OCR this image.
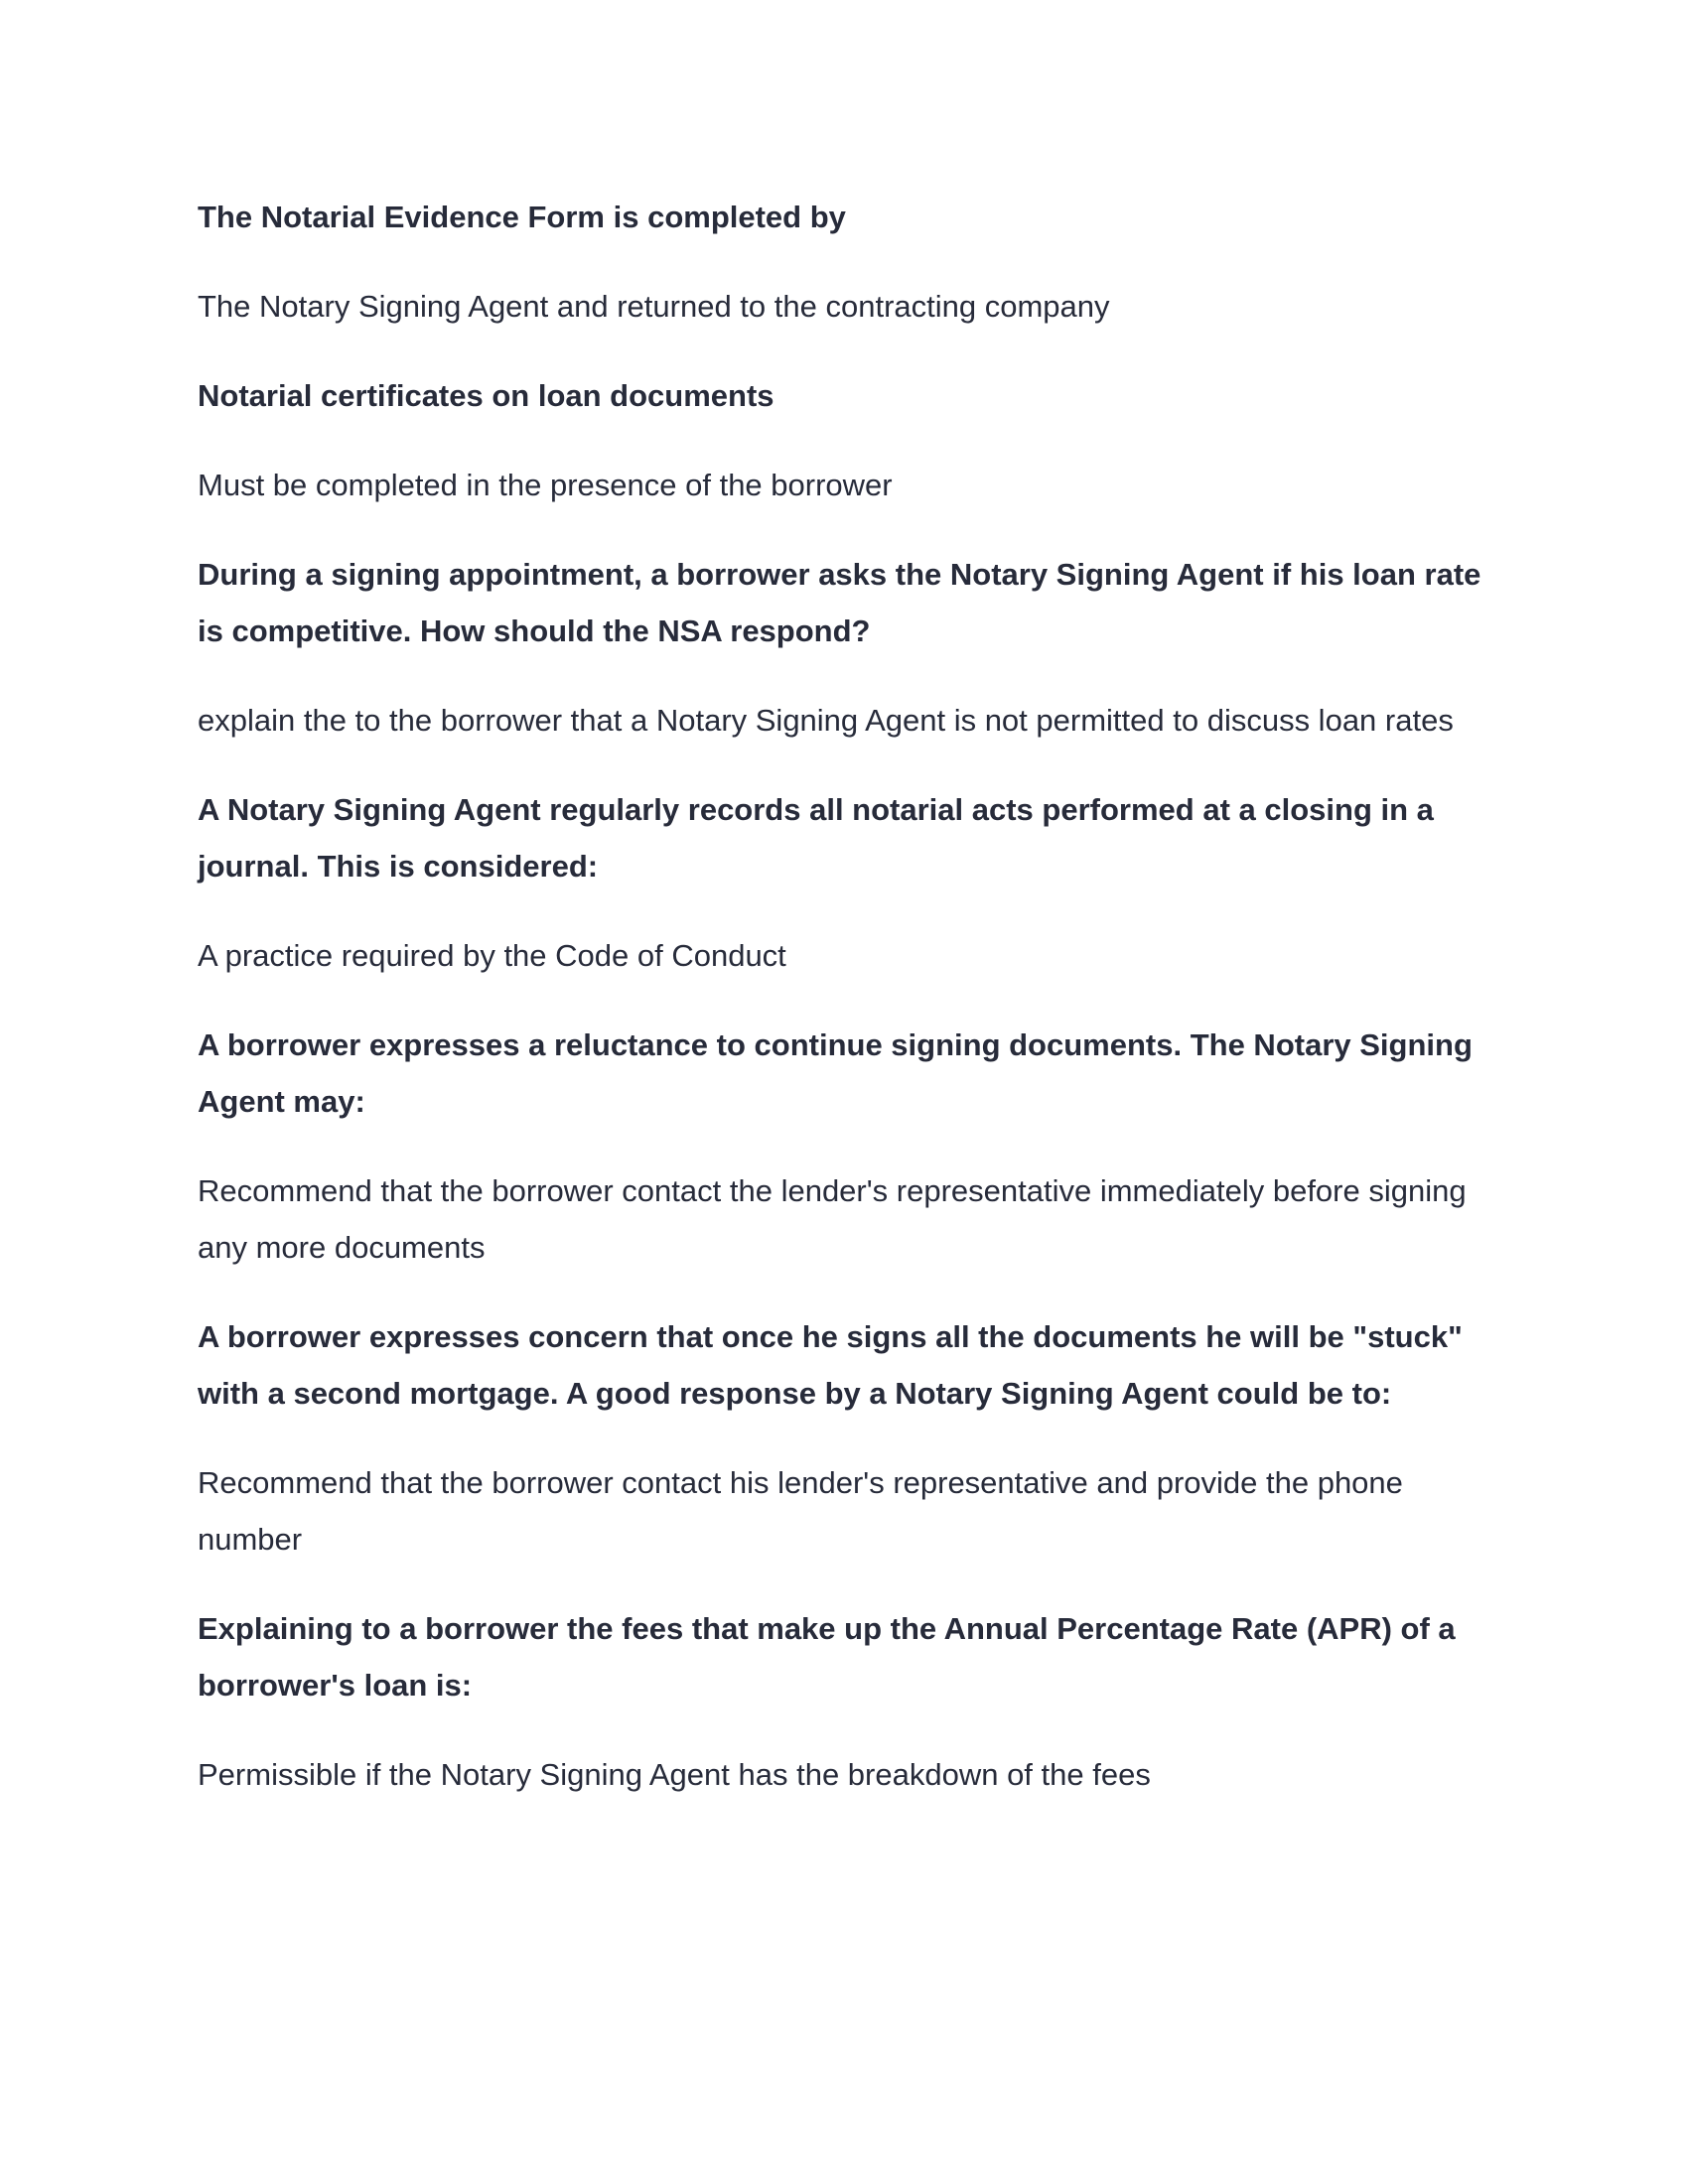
The Notarial Evidence Form is completed by

The Notary Signing Agent and returned to the contracting company

Notarial certificates on loan documents

Must be completed in the presence of the borrower

During a signing appointment, a borrower asks the Notary Signing Agent if his loan rate is competitive. How should the NSA respond?

explain the to the borrower that a Notary Signing Agent is not permitted to discuss loan rates

A Notary Signing Agent regularly records all notarial acts performed at a closing in a journal. This is considered:

A practice required by the Code of Conduct

A borrower expresses a reluctance to continue signing documents. The Notary Signing Agent may:

Recommend that the borrower contact the lender's representative immediately before signing any more documents

A borrower expresses concern that once he signs all the documents he will be "stuck" with a second mortgage. A good response by a Notary Signing Agent could be to:

Recommend that the borrower contact his lender's representative and provide the phone number

Explaining to a borrower the fees that make up the Annual Percentage Rate (APR) of a borrower's loan is:

Permissible if the Notary Signing Agent has the breakdown of the fees
